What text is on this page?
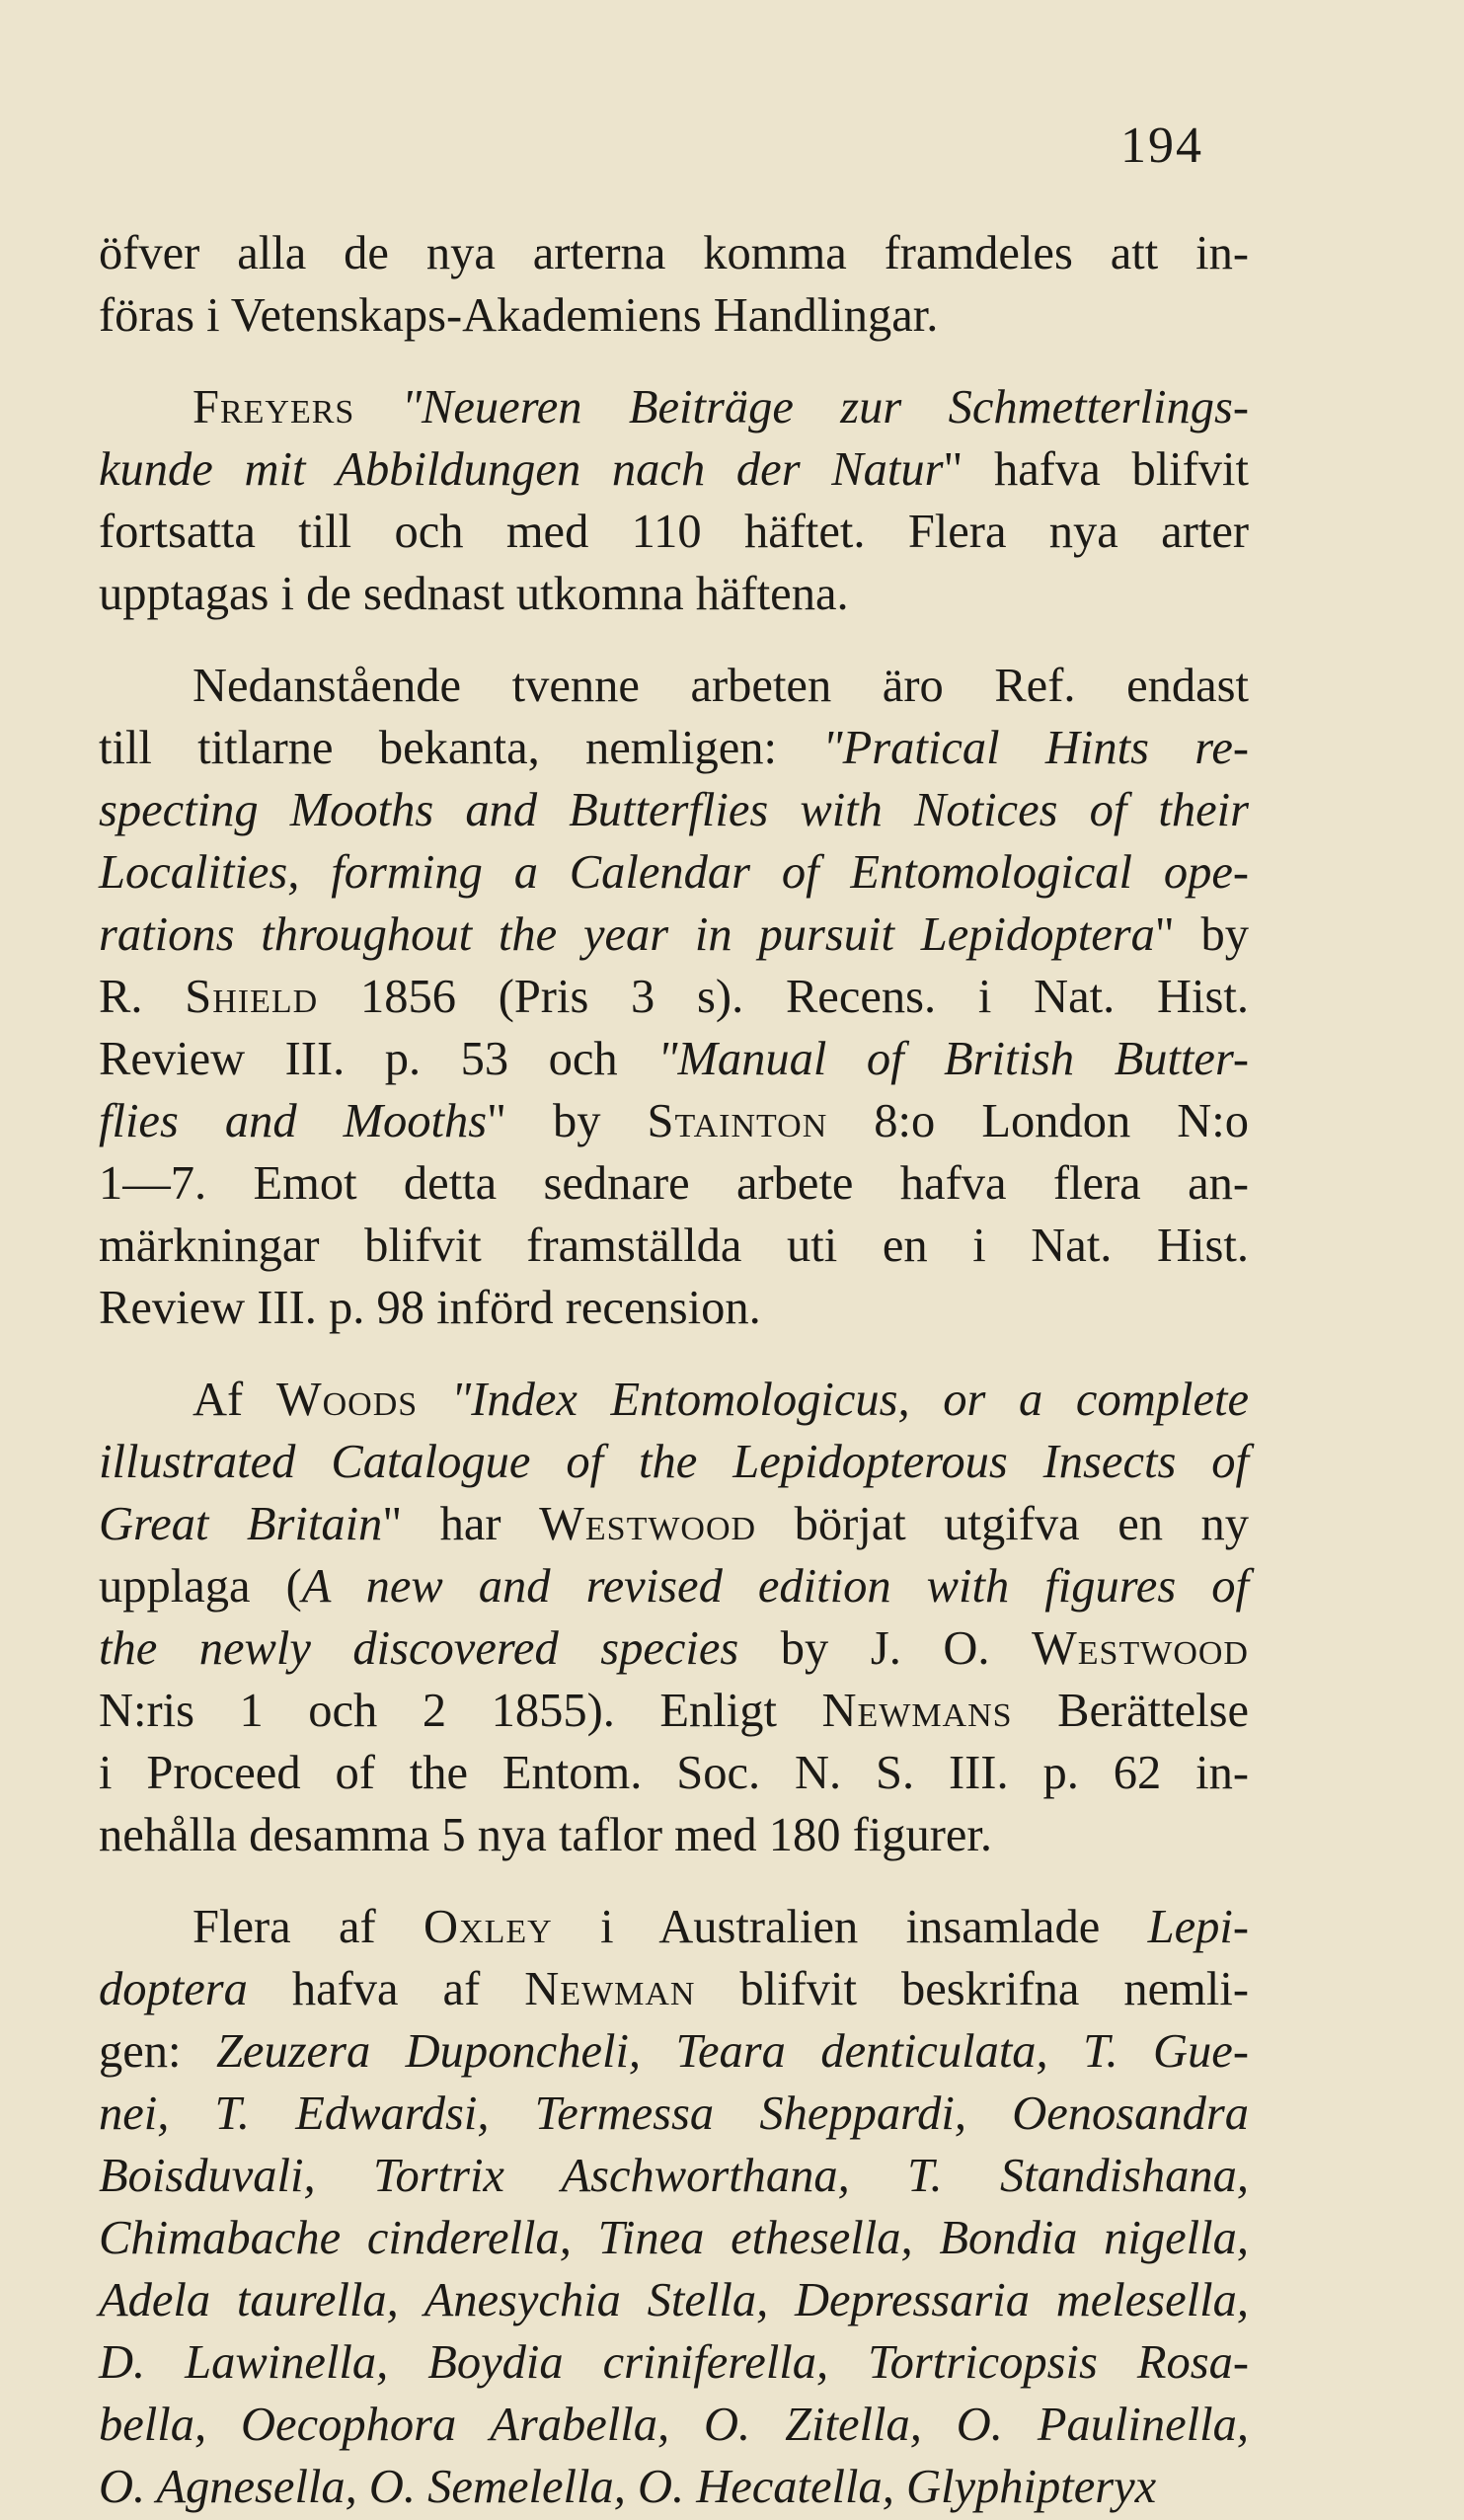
194
öfver alla de nya arterna komma framdeles att in-
föras i Vetenskaps-Akademiens Handlingar.
Freyers "Neueren Beiträge zur Schmetterlings-
kunde mit Abbildungen nach der Natur" hafva blifvit
fortsatta till och med 110 häftet. Flera nya arter
upptagas i de sednast utkomna häftena.
Nedanstående tvenne arbeten äro Ref. endast
till titlarne bekanta, nemligen: "Pratical Hints re-
specting Mooths and Butterflies with Notices of their
Localities, forming a Calendar of Entomological ope-
rations throughout the year in pursuit Lepidoptera" by
R. Shield 1856 (Pris 3 s). Recens. i Nat. Hist.
Review III. p. 53 och "Manual of British Butter-
flies and Mooths" by Stainton 8:o London N:o
1—7. Emot detta sednare arbete hafva flera an-
märkningar blifvit framställda uti en i Nat. Hist.
Review III. p. 98 införd recension.
Af Woods "Index Entomologicus, or a complete
illustrated Catalogue of the Lepidopterous Insects of
Great Britain" har Westwood börjat utgifva en ny
upplaga (A new and revised edition with figures of
the newly discovered species by J. O. Westwood
N:ris 1 och 2 1855). Enligt Newmans Berättelse
i Proceed of the Entom. Soc. N. S. III. p. 62 in-
nehålla desamma 5 nya taflor med 180 figurer.
Flera af Oxley i Australien insamlade Lepi-
doptera hafva af Newman blifvit beskrifna nemli-
gen: Zeuzera Duponcheli, Teara denticulata, T. Gue-
nei, T. Edwardsi, Termessa Sheppardi, Oenosandra
Boisduvali, Tortrix Aschworthana, T. Standishana,
Chimabache cinderella, Tinea ethesella, Bondia nigella,
Adela taurella, Anesychia Stella, Depressaria melesella,
D. Lawinella, Boydia criniferella, Tortricopsis Rosa-
bella, Oecophora Arabella, O. Zitella, O. Paulinella,
O. Agnesella, O. Semelella, O. Hecatella, Glyphipteryx
